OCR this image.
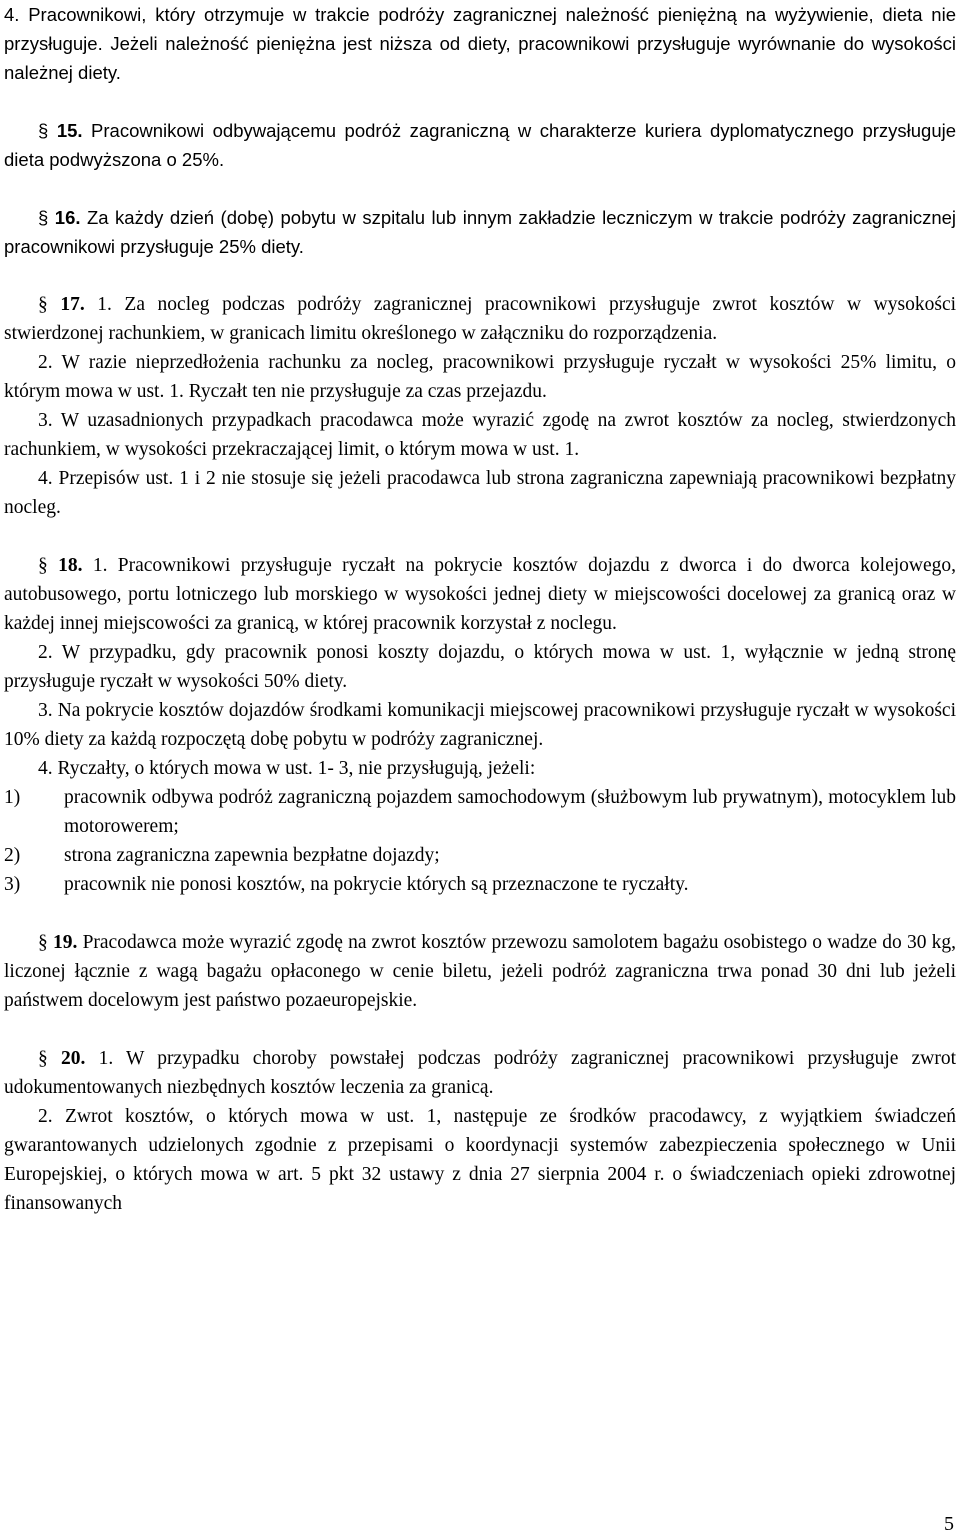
4. Pracownikowi, który otrzymuje w trakcie podróży zagranicznej należność pieniężną na wyżywienie, dieta nie przysługuje. Jeżeli należność pieniężna jest niższa od diety, pracownikowi przysługuje wyrównanie do wysokości należnej diety.

§ 15. Pracownikowi odbywającemu podróż zagraniczną w charakterze kuriera dyplomatycznego przysługuje dieta podwyższona o 25%.

§ 16. Za każdy dzień (dobę) pobytu w szpitalu lub innym zakładzie leczniczym w trakcie podróży zagranicznej pracownikowi przysługuje 25% diety.

§ 17. 1. Za nocleg podczas podróży zagranicznej pracownikowi przysługuje zwrot kosztów w wysokości stwierdzonej rachunkiem, w granicach limitu określonego w załączniku do rozporządzenia.

2. W razie nieprzedłożenia rachunku za nocleg, pracownikowi przysługuje ryczałt w wysokości 25% limitu, o którym mowa w ust. 1. Ryczałt ten nie przysługuje za czas przejazdu.

3. W uzasadnionych przypadkach pracodawca może wyrazić zgodę na zwrot kosztów za nocleg, stwierdzonych rachunkiem, w wysokości przekraczającej limit, o którym mowa w ust. 1.

4. Przepisów ust. 1 i 2 nie stosuje się jeżeli pracodawca lub strona zagraniczna zapewniają pracownikowi bezpłatny nocleg.

§ 18. 1. Pracownikowi przysługuje ryczałt na pokrycie kosztów dojazdu z dworca i do dworca kolejowego, autobusowego, portu lotniczego lub morskiego w wysokości jednej diety w miejscowości docelowej za granicą oraz w każdej innej miejscowości za granicą, w której pracownik korzystał z noclegu.

2. W przypadku, gdy pracownik ponosi koszty dojazdu, o których mowa w ust. 1, wyłącznie w jedną stronę przysługuje ryczałt w wysokości 50% diety.

3. Na pokrycie kosztów dojazdów środkami komunikacji miejscowej pracownikowi przysługuje ryczałt w wysokości 10% diety za każdą rozpoczętą dobę pobytu w podróży zagranicznej.

4. Ryczałty, o których mowa w ust. 1- 3, nie przysługują, jeżeli:

1)	pracownik odbywa podróż zagraniczną pojazdem samochodowym (służbowym lub prywatnym), motocyklem lub motorowerem;
2)	strona zagraniczna zapewnia bezpłatne dojazdy;
3)	pracownik nie ponosi kosztów, na pokrycie których są przeznaczone te ryczałty.

§ 19. Pracodawca może wyrazić zgodę na zwrot kosztów przewozu samolotem bagażu osobistego o wadze do 30 kg, liczonej łącznie z wagą bagażu opłaconego w cenie biletu, jeżeli podróż zagraniczna trwa ponad 30 dni lub jeżeli państwem docelowym jest państwo pozaeuropejskie.

§ 20. 1. W przypadku choroby powstałej podczas podróży zagranicznej pracownikowi przysługuje zwrot udokumentowanych niezbędnych kosztów leczenia za granicą.

2. Zwrot kosztów, o których mowa w ust. 1, następuje ze środków pracodawcy, z wyjątkiem świadczeń gwarantowanych udzielonych zgodnie z przepisami o koordynacji systemów zabezpieczenia społecznego w Unii Europejskiej, o których mowa w art. 5 pkt 32 ustawy z dnia 27 sierpnia 2004 r. o świadczeniach opieki zdrowotnej finansowanych

5
